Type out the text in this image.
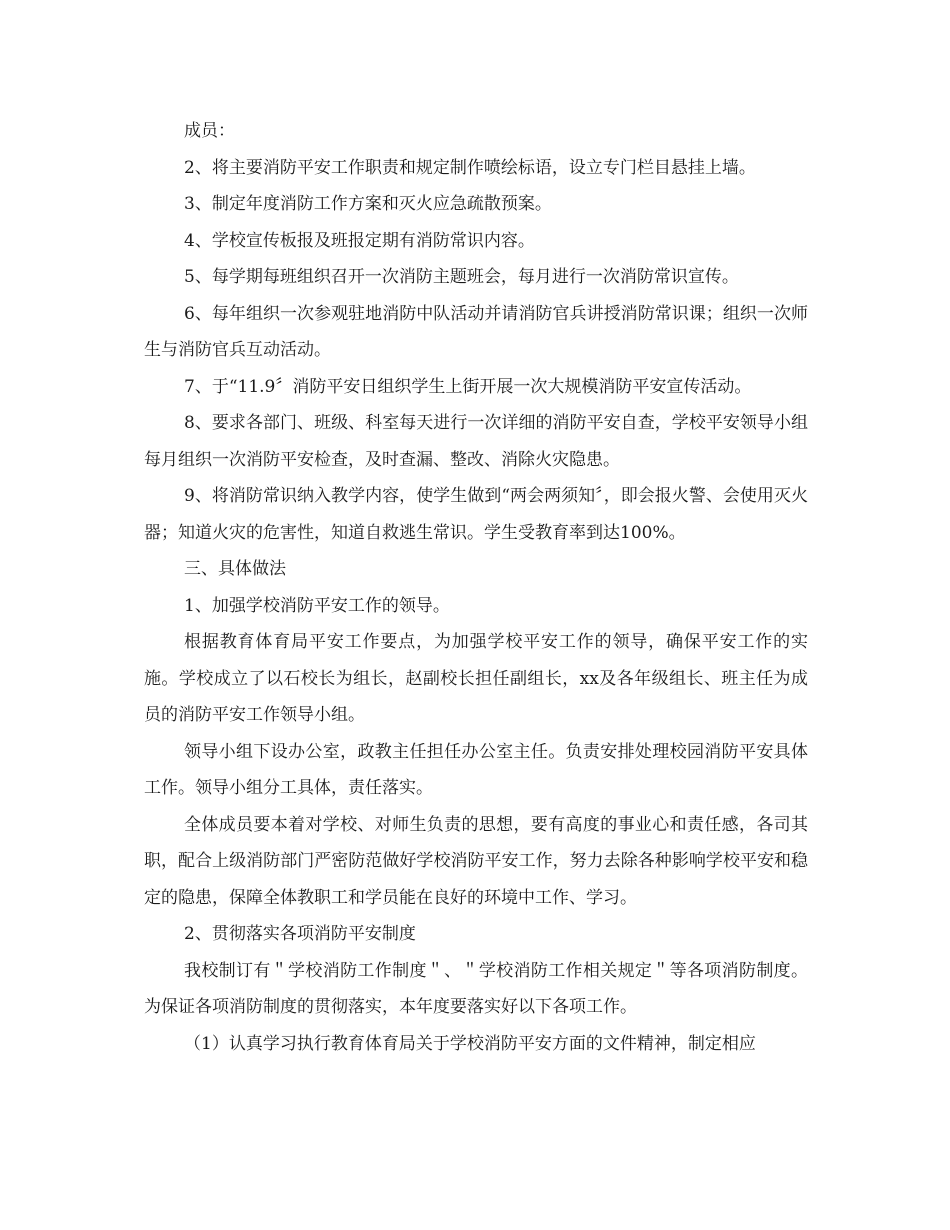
成员：

2、将主要消防平安工作职责和规定制作喷绘标语，设立专门栏目悬挂上墙。

3、制定年度消防工作方案和灭火应急疏散预案。

4、学校宣传板报及班报定期有消防常识内容。

5、每学期每班组织召开一次消防主题班会，每月进行一次消防常识宣传。

6、每年组织一次参观驻地消防中队活动并请消防官兵讲授消防常识课；组织一次师生与消防官兵互动活动。

7、于“11.9〞消防平安日组织学生上街开展一次大规模消防平安宣传活动。

8、要求各部门、班级、科室每天进行一次详细的消防平安自查，学校平安领导小组每月组织一次消防平安检查，及时查漏、整改、消除火灾隐患。

9、将消防常识纳入教学内容，使学生做到“两会两须知〞，即会报火警、会使用灭火器；知道火灾的危害性，知道自救逃生常识。学生受教育率到达100%。

三、具体做法

1、加强学校消防平安工作的领导。

根据教育体育局平安工作要点，为加强学校平安工作的领导，确保平安工作的实施。学校成立了以石校长为组长，赵副校长担任副组长，xx及各年级组长、班主任为成员的消防平安工作领导小组。

领导小组下设办公室，政教主任担任办公室主任。负责安排处理校园消防平安具体工作。领导小组分工具体，责任落实。

全体成员要本着对学校、对师生负责的思想，要有高度的事业心和责任感，各司其职，配合上级消防部门严密防范做好学校消防平安工作，努力去除各种影响学校平安和稳定的隐患，保障全体教职工和学员能在良好的环境中工作、学习。

2、贯彻落实各项消防平安制度

我校制订有＂学校消防工作制度＂、＂学校消防工作相关规定＂等各项消防制度。为保证各项消防制度的贯彻落实，本年度要落实好以下各项工作。

（1）认真学习执行教育体育局关于学校消防平安方面的文件精神，制定相应
